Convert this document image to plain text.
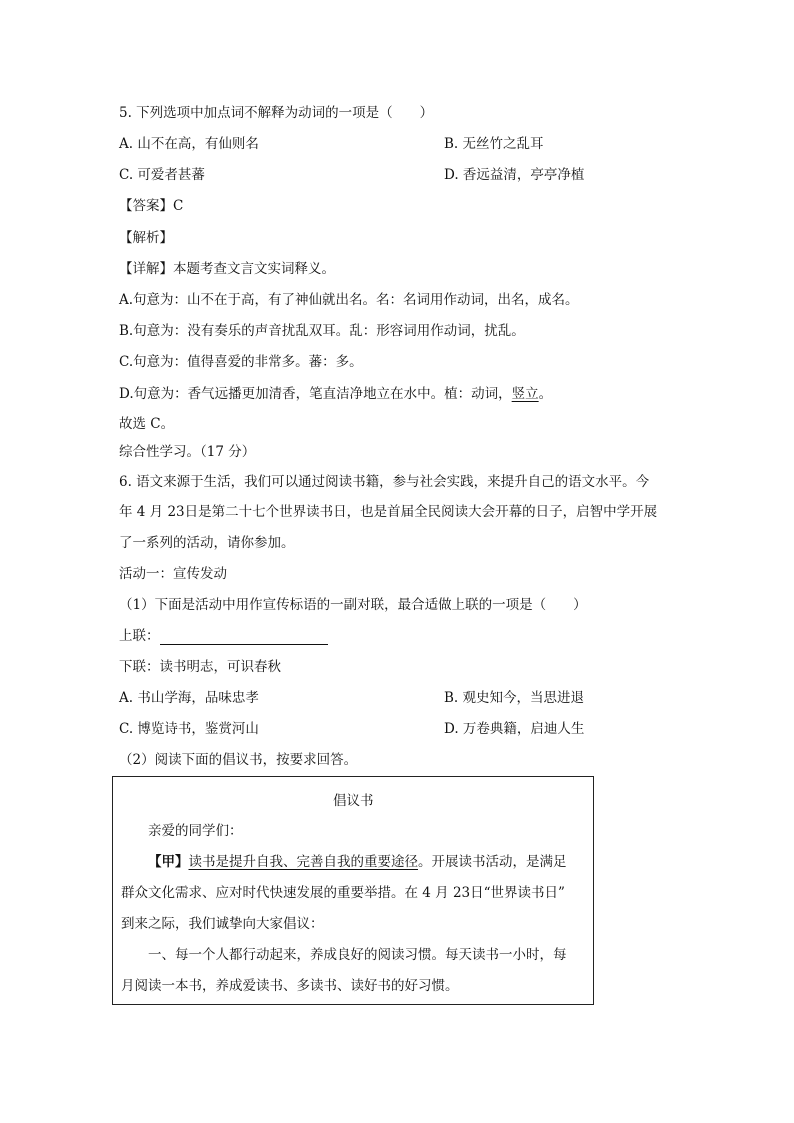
5. 下列选项中加点词不解释为动词的一项是（　　）
A. 山不在高，有仙则名	B. 无丝竹之乱耳
C. 可爱者甚蕃	D. 香远益清，亭亭净植
【答案】C
【解析】
【详解】本题考查文言文实词释义。
A.句意为：山不在于高，有了神仙就出名。名：名词用作动词，出名，成名。
B.句意为：没有奏乐的声音扰乱双耳。乱：形容词用作动词，扰乱。
C.句意为：值得喜爱的非常多。蕃：多。
D.句意为：香气远播更加清香，笔直洁净地立在水中。植：动词，竖立。
故选 C。
综合性学习。（17 分）
6. 语文来源于生活，我们可以通过阅读书籍，参与社会实践，来提升自己的语文水平。今
年 4 月 23日是第二十七个世界读书日，也是首届全民阅读大会开幕的日子，启智中学开展
了一系列的活动，请你参加。
活动一：宣传发动
（1）下面是活动中用作宣传标语的一副对联，最合适做上联的一项是（　　）
上联：
下联：读书明志，可识春秋
A. 书山学海，品味忠孝	B. 观史知今，当思进退
C. 博览诗书，鉴赏河山	D. 万卷典籍，启迪人生
（2）阅读下面的倡议书，按要求回答。
倡议书
亲爱的同学们：
【甲】读书是提升自我、完善自我的重要途径。开展读书活动，是满足
群众文化需求、应对时代快速发展的重要举措。在 4 月 23日“世界读书日”
到来之际，我们诚挚向大家倡议：
一、每一个人都行动起来，养成良好的阅读习惯。每天读书一小时，每
月阅读一本书，养成爱读书、多读书、读好书的好习惯。
